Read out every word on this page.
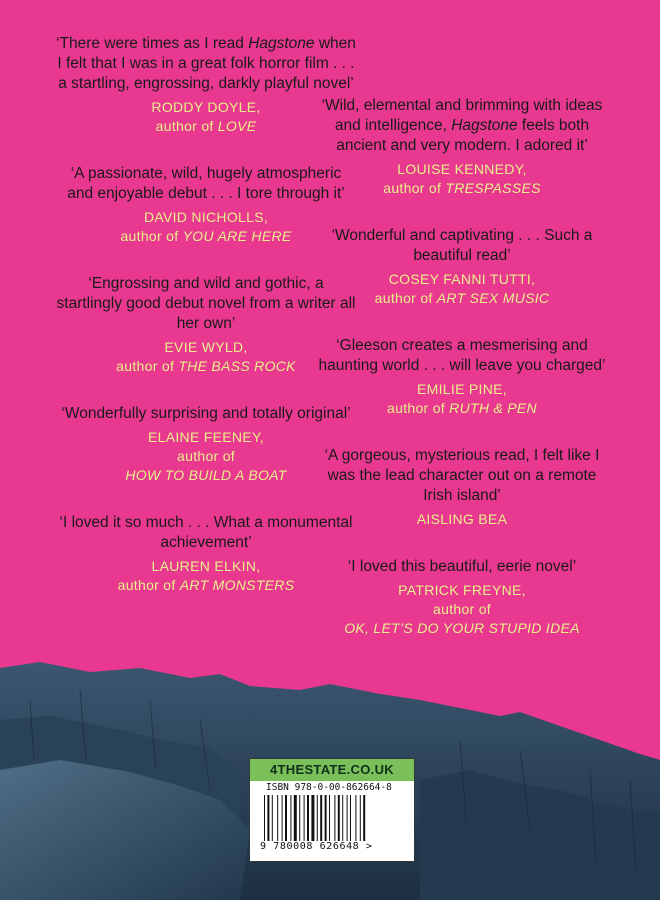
‘There were times as I read Hagstone when I felt that I was in a great folk horror film . . . a startling, engrossing, darkly playful novel’

RODDY DOYLE,
author of LOVE

‘A passionate, wild, hugely atmospheric and enjoyable debut . . . I tore through it’

DAVID NICHOLLS,
author of YOU ARE HERE

‘Engrossing and wild and gothic, a startlingly good debut novel from a writer all her own’

EVIE WYLD,
author of THE BASS ROCK

‘Wonderfully surprising and totally original’

ELAINE FEENEY,
author of
HOW TO BUILD A BOAT

‘I loved it so much . . . What a monumental achievement’

LAUREN ELKIN,
author of ART MONSTERS

‘Wild, elemental and brimming with ideas and intelligence, Hagstone feels both ancient and very modern. I adored it’

LOUISE KENNEDY,
author of TRESPASSES

‘Wonderful and captivating . . . Such a beautiful read’

COSEY FANNI TUTTI,
author of ART SEX MUSIC

‘Gleeson creates a mesmerising and haunting world . . . will leave you charged’

EMILIE PINE,
author of RUTH & PEN

‘A gorgeous, mysterious read, I felt like I was the lead character out on a remote Irish island’

AISLING BEA

‘I loved this beautiful, eerie novel’

PATRICK FREYNE,
author of
OK, LET’S DO YOUR STUPID IDEA

4THESTATE.CO.UK
ISBN 978-0-00-862664-8
9 780008 626648 >
